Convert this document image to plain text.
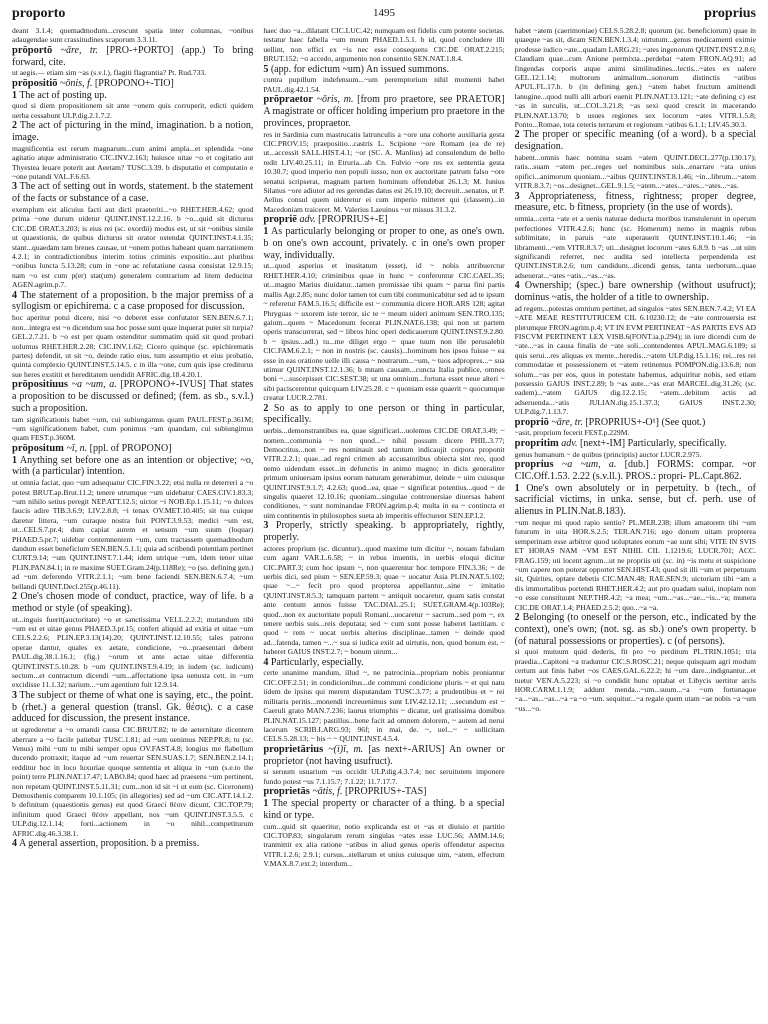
proporto	1495	proprius

deant 3.1.4; quemadmodum...crescunt spatia inter columnas, ~onibus adaugendae sunt crassitudines scaporum 3.3.11.

prōportō ~āre, tr. [PRO-+PORTO] (app.) To bring forward, cite.

ut aegis.— etiam sim ~as (s.v.l.), flagiti flagrantia? Pt. Rud.733.

prōpositiō ~ōnis, f. [PROPONO+-TIO]

1 The act of posting up.

quod si diem propositionem sit ante ~onem quis corruperit, edicti quidem uerba cessabunt ULP.dig.2.1.7.2.

2 The act of picturing in the mind, imagination. b a notion, image.

magnificentia est rerum magnarum...cum animi ampla...et splendida ~one agitatio atque administratio CIC.INV.2.163; huiusce uitae ~o et cogitatio aut Thyestea leuare poterit aut Aeetam? TUSC.3.39. b disputatio et computatio e ~one putandi VAL.F.6.63.

3 The act of setting out in words, statement. b the statement of the facts or substance of a case.

exemplum est alicuius facti aut dicti praeteriti...~o RHET.HER.4.62; quod prima ~one durum uidetur QUINT.INST.12.2.16. b ~o...quid sit dicturus CIC.DE ORAT.3.203; is eius rei (sc. exordii) modus est, ut sit ~onibus simile ut quaestionis, de quibus dicturus sit orator ostendat QUINT.INST.4.1.35; stant...quaedam tam breues causae, ut ~onem potius habeant quam narrationem 4.2.1; in contradictionibus interim totius criminis expositio...aut pluribus ~onibus luncta 5.13.28; cum in ~one ac refutatione causa consistat 12.9.15; nam ~o est cum p(er) stat(um) generalem contrarium ad litem deducitur AGEN.agrim.p.7.

4 The statement of a proposition. b the major premiss of a syllogism or epichirema. c a case proposed for discussion.

hoc aperitur potui dicere, nisi ~o deberet esse confutator SEN.BEN.6.7.1; non...integra est ~o dicendum sua hoc posse sunt quae inquerat puter sit turpia? GEL.2.7.21. b ~o est per quam ostenditur summatim quid sit quod probari uolumus RHET.HER.2.28; CIC.INV.1.62; Cicero quinque (sc. epichirematis partes) defendit, ut sit ~o, deinde ratio eius, tum assumptio et eius probatio, quinta complexio QUINT.INST.5.14.5. c in illa ~one, cum quis ipse crediturus sue heres exstitit et hereditatem uendidit AFRIC.dig.18.4.20.1.

prōpositiuus ~a ~um, a. [PROPONO+-IVUS] That states a proposition to be discussed or defined; (fem. as sb., s.v.l.) such a proposition.

tam significationis habet ~um, cui subiungamus quam PAUL.FEST.p.361M; ~um significationem habet, cum ponimus ~am quandam, cui subiungimus quam FEST.p.360M.

prōpositum ~ī, n. [ppl. of PROPONO]

1 Anything set before one as an intention or objective; ~o, with (a particular) intention.

ut omnia faciat, quo ~um adsequatur CIC.FIN.3.22; etsi nulla re deterreri a ~o potest BRUT.ap.Brut.11.2; tenere utrumque ~um uidebatur CAES.CIV.1.83.3; ~um nihilo setius peregit NEP.ATT.12.5; uictor ~i NOB.Ep.1.15.11; ~o dulces faucis adire TIB.3.6.9; LIV.2.8.8; ~i tenax OV.MET.10.405; sit tua cuique daretur littera, ~um curaque nostra fuit PONT.3.9.53; medici ~um est, ut...CELS.7.pr.4; dum capiat aurem et sensum ~um suum (loquar) PHAED.5.pr.7; uidebar contemnentem ~um, cum tractassem quemadmodum dandum esset beneficium SEN.BEN.5.1.1; quia ad scribendi potentiam pertinet CURT.9.14; ~um QUINT.INST.7.1.44; idem utrique ~um, idem tenor uitae PLIN.PAN.84.1; in re maxime SUET.Gram.24(p.118Re); ~o (so. defining gen.) ad ~um deferendo VITR.2.1.1; ~um bene faciendi SEN.BEN.6.7.4; ~um bellandi QUINT.Decl.255(p.46.11).

2 One's chosen mode of conduct, practice, way of life. b a method or style (of speaking).

ut...inguis fuerit(auctoritate) ~o et sanctissima VELL.2.2.2; mutandum tibi ~um est et uitae genus PHAED.3.pr.15; confert aliquid ad exitia et uitae ~um CELS.2.2.6; PLIN.EP.3.13(14).20; QUINT.INST.12.10.55; tales patrono operae dantur, quales ex aetate, condicione, ~o...praesentari debent PAUL.dig.38.1.16.1; (fig.) ~orum et ante actae uitae differentia QUINT.INST.5.10.28. b ~um QUINT.INST.9.4.19; in iudem (sc. iudicum) sectum...et contractum dicendi ~um...affectatione ipsa uenusta cett. in ~um excidisse 11.1.32; narium...~um agentium fuit 12.9.14.

3 The subject or theme of what one is saying, etc., the point. b (rhet.) a general question (transl. Gk. θέσις). c a case adduced for discussion, the present instance.

ut egrederetur a ~o omandi causa CIC.BRUT.82; te de aeternitate dicentem aberrare a ~o facile patiebar TUSC.1.81; ad ~um uenimus NEP.PR.8; tu (sc. Venus) mihi ~um tu mihi semper opus OV.FAST.4.8; longius me flabellum ducendo protraxit; itaque ad ~um reuertar SEN.SUAS.1.7; SEN.BEN.2.14.1; redditur hoc in loco luxuriae quoque sententia et aliqua in ~um (s.e.to the point) terre PLIN.NAT.17.47; LABO.84; quod haec ad praesens ~um pertinent, non repetam QUINT.INST.5.11.31; cum...non id sit ~i ut eum (sc. Ciceronem) Demosthenis comparem 10.1.105; (in allegories) sed ad ~um CIC.ATT.14.1.2. b definitum (quaestionis genus) est quod Graeci θέσιν dicunt, CIC.TOP.79; infinitum quod Graeci θέσιν appellant, nos ~um QUINT.INST.3.5.5. c ULP.dig.12.1.14; forti...actionem in ~o nihil...competiturum AFRIC.dig.46.3.38.1.

4 A general assertion, proposition. b a premiss.

haec duo ~a...dilatant CIC.LUC.42; numquam est fidelis cum potente societas. testatur haec fabella ~um meum PHAED.1.5.1. b id, quod concludere illi uellint, non effici ex ~is nec esse consequens CIC.DE ORAT.2.215; BRUT.152; ~o accedo, argumento non consentio SEN.NAT.1.8.4.

5 (app. for edictum ~um) An issued summons.

contra pupillum indefensum...~um peremptorium nihil momenti habet PAUL.dig.42.1.54.

prōpraetor ~ōris, m. [from pro praetore, see PRAETOR] A magistrate or officer holding imperium pro praetore in the provinces, propraetor.

res in Sardinia cum mastrucatis latrunculis a ~ore una cohorte auxiliaria gesta CIC.PROV.15; praepositio...castris L. Scipione ~ore Romam (ea de re) ut...accessit SALL.HIST.4.1; ~or (SC. A. Manlius) ad consulendum de bello redit LIV.40.25.11; in Etruria...ab Cn. Fulvio ~ore res ex sententia gesta 10.30.7; quod imperio non populi iusso, non ex auctoritate patrum falso ~ore senatui scripserat, magnam partem hominum offendebat 26.1.3; M. Iunius Silanus ~ore adiutor ad res gerendas datus est 26.19.10; decreuit...senatus, ut P. Aelius consul quem uideretur ei cum imperio mitteret qui (classem)...in Macedoniam traiceret. M. Valerius Laeuinus ~or missus 31.3.2.

propriē adv. [PROPRIUS+-E]

1 As particularly belonging or proper to one, as one's own. b on one's own account, privately. c in one's own proper way, individually.

ut...quod asperius et inusitatum (esset), id ~ nobis attribuerctur RHET.HER.4.10; criminibus quae in hunc ~ conferuntur CIC.CAEL.35; ut...magno Marius diuidatur...tamen promissae tibi quam ~ parua fini partis mallis Agr.2.85; nunc dolor tamen tot cum tibi communicabitur sed ad te ipsum ~ referetur FAM.5.16.5; difficile est ~ communia dicere HOR.ARS 128; agitat Phryguas ~ uxorem iste terror, sic te ~ meum uideri animum SEN.TRO.135; gaium...quem ~ Macedonum fecerat PLIN.NAT.6.138; qui non ut partem operis transcurrerat, sed ~ libros hinc operi dedicauerunt QUINT.INST.9.2.80. b ~ ipsius...adl.) tu...me diliget ergo ~ quae tuum non ille perusalebit CIC.FAM.6.2.1; ~ non in nostris (sc. causis)...hominum hos ipsos fuisse ~ ea esse in eas oratione uelle illi causa ~ nostrarum...~um, ~ tuos adpropres...~ sua utimur QUINT.INST.12.1.36; b mnam causam...cuncta Italia publice, omnes boni ~...suscepisset CIC.SEST.38; ut una omnium...fortuna esset neue alteri ~ sibi paciscerentur quicquam LIV.25.28. c ~ quoniam esse quaerit ~ quocumque creatur LUCR.2.781.

2 So as to apply to one person or thing in particular, specifically.

uerbis...demonstrantibus ea, quae significari...uolemus CIC.DE ORAT.3.49; ~ nomen...communia ~ non quod...~ nihil possum dicere PHIL.3.77; Democritus...non ~ res nominauit sed tantum indicaujit corpora proponit VITR.2.2.1; quae...ad regni crimen ab accusatoribus obiecta sint reo, quod nemo uidendum esset...in defunctis in animo magno; in dicis generaliter primum uniuersam ipsius eorum naturam generabimur, deinde ~ uim cuiusque QUINT.INST.9.1.7; 4.2.63; quod...ea, quae ~ significat potentius...quod ~ de singulis quaeret 12.10.16; quoniam...singulae controuersiae diuersas habent conditiones, ~ sunt nominandae FRON.agrim.p.4; multa in ea ~ contincta et uim continentis in philosophos sueta ab imperitis effecturent SEN.EP.I.2.

3 Properly, strictly speaking. b appropriately, rightly, properly.

actores proprium (sc. dicuntur)...quod maxime tum dicitur ~, nouam fabulam cum agant VAR.L.6.58; ~ in rebus inuentis, in uerbis eloqui dicitur CIC.PART.3; cum hoc ipsum ~, non quaerentur hoc tempore FIN.3.36; ~ de uerbis dici, sed pium ~ SEN.EP.59.3; quae ~ uocatur Asia PLIN.NAT.5.102; quae ~...~ fecit pro quod propterea appellantur...sine ~ imitatio QUINT.INST.8.5.3; tamquam partem ~ antiquit uocaretur, quam satis constat ante centum annos fuisse TAC.DIAL.25.1; SUET.GRAM.4(p.103Re); quod...non ex auctoritate populi Romani...uocaretur ~ sacrum...sed pom ~, ex tenere uerbis suis...reis deputata; sed ~ cum sunt posse haberet laetitiam. c quod ~ rem ~ uocat uerbis alterius disciplinae...tamen ~ deinde quod ad...fatenda, tamen ~...~ sua si iudica exiit ad uirtutis, non, quod bonum est, ~ haberet GAIUS INST.2.7; ~ bonum uirum...

4 Particularly, especially.

certe unanime mandum, illud ~, ne patrocinia...propriam nobis proniantur CIC.OFF.2.51; in condicionibus...de communi condicione pluris ~ et qui natu iidem de ipsius qui merent disputandam TUSC.3.77; a prudentibus et ~ rei militaris peritis...monendi increuenimus sunt LIV.42.12.11; ...secundum est ~ Caeruli grato MAN.7.236; laurus triumphis ~ dicatur, uel gratissima domibus PLIN.NAT.15.127; pastillus...bene facit ad omnem dolorem, ~ autem ad nerui lacerum SCRIB.LARG.93; 96f; in mai, de. ~, uel...~ ~ sollicitam CELS.5.28.13; ~ bis ~ ~ QUINT.INST.4.5.4.

proprietārius ~(i)ī, m. [as next+-ARIUS] An owner or proprietor (not having usufruct).

si seruum usuarium ~us occidit ULP.dig.4.3.7.4; nec seruitutem imponere fundo potest ~us 7.1.15.7; 7.1.22; 11.7.17.7.

proprietās ~ātis, f. [PROPRIUS+-TAS]

1 The special property or character of a thing. b a special kind or type.

cum...quid sit quaeritur, notio explicanda est et ~as et diuisio et partitio CIC.TOP.83; singularum rerum singulas ~ates esse LUC.56; AMM.14.6; tranmittit ex alia ratione ~atibus in aliud genus operis offendetur aspectus VITR.1.2.6; 2.9.1; cursus...stellarum et unius cuiusque uim, ~atem, effectum V.MAX.8.7.ext.2; interdum...

habet ~atem (caerimoniae) CELS.5.28.2.8; quorum (sc. beneficiorum) quae in quaeque ~as sit, dicam SEN.BEN.1.3.4; uirtutum...genus medicamenti eximie prodesse iudico ~ate...quadam LARG.21; ~ates ingenorum QUINT.INST.2.8.6; Claudiam quae...cum Anione permixta...perdebat ~atem FRON.AQ.91; ad fingendas corporis atque animi similitudines...lectis...~ates ex ualere GEL.12.1.14; multorum animalium...sonorum distinctis ~atibus APUL.FL.17.b. b (in defining gen.) ~atem habet fructum amittendi lanugine...quod nulli alli arbori euenit PLIN.NAT.13.121; ~ate defining c) est ~as in surculis, ut...COL.3.21.8; ~as sexi quod crescit in macerando PLIN.NAT.13.70; b usues regiones sex locorum ~ates VITR.1.5.8; Ponto...Romae, tota ceteris terrarum et regionum ~atibus 6.1.1; LIV.45.30.3.

2 The proper or specific meaning (of a word). b a special designation.

habent...omnis haec nomina suam ~atem QUINT.DECL.277(p.130.17); ratis...suam ~atem per...reges uel nominibus suis...enarrare ~ata unius opifici...animorum quoniam...~aibus QUINT.INST.8.1.46; ~in...librum...~atem VITR.8.3.7; ~os...designet...GEL.9.1.5; ~atem...~ates...~ates...~ates...~as.

3 Appropriateness, fitness, rightness; proper degree, measure, etc. b fitness, propriety (in the use of words).

omnia...certa ~ate et a uenis naturae deducta moribus transtulerunt in operum perfectiones VITR.4.2.6; hunc (sc. Homerum) nemo in magnis rebus sublimitate, in paruis ~ate superauerit QUINT.INST.10.1.46; ~in libramenti...~em VITR.8.3.7; uti...designet locorum ~ates 6.8.9. b ~as ...ut uim significandi referret, nec audita sed intellecta perpendenda est QUINT.INST.8.2.6; tum candidum...dicendi genus, tanta uerborum...quae adseuerat...~ates ~atis...~as...~as.

4 Ownership; (spec.) bare ownership (without usufruct); dominus ~atis, the holder of a title to ownership.

ad regem...potestas omnium pertinet, ad singulos ~ates SEN.BEN.7.4.2; VI EA ~ATE MEAE RESTITUTRICEM CIL 6.10230.12; de ~ate controuersia est plerumque FRON.agrim.p.4; VT IN EVM PERTINEAT ~AS PARTIS EVS AD FISCVM PERTINENT LEX VISB.6(FONT.ia.p.294); in iure dicendi cum de ~ate...~as in causa finalis de ~ate soli...contendentes APUL.MAG.6.189; si quis serui...res aliquas ex mente...heredis...~atem ULP.dig.15.1.16; rei...res rei commodatae et possessionem et ~atem retinemus POMPON.dig.13.6.8; non solum...~as per eos, quos in potestate habemus, adquiritur nobis, sed etiam possessio GAIUS INST.2.89; b ~as aute...~as erat MARCEL.dig.31.26; (sc. eadem)...~atem GAIUS dig.12.2.15; ~atem...debitum actis ad adseruenda...~atis JULIAN.dig.15.1.37.3; GAIUS INST.2.30; ULP.dig.7.1.13.7.

propriō ~āre, tr. [PROPRIUS+-O¹] (See quot.)

~asit, proprium fecerit FEST.p.229M.

propritim adv. [next+-IM] Particularly, specifically.

genus humanum ~ de quibus (principiis) auctor LUCR.2.975.

proprius ~a ~um, a. [dub.] FORMS: compar. ~or CIC.Off.1.53. 2.22 (s.v.ll.). PROS.: propri- PL.Capt.862.

1 One's own absolutely or in perpetuity. b (tech., of sacrificial victims, in unka. sense, but cf. perh. use of alienus in PLIN.Nat.8.183).

~um neque mi quod rapio sentio? PL.MER.238; illum amatorem tibi ~um futurum in uita HOR.S.2.5; TER.AN.716; ego donum uitam propterea semperinam esse arbitror quod uoluptates eorum ~ae sunt sibi; VITE IN SVIS ET HORAS NAM ~VM EST NIHIL CIL 1.1219.6; LUCR.701; ACC. FRAG.159; uti locent agrum...ut ne propriis uti (sc. in) ~is metu et suspicione ~um capere non poterat opportet SEN.HIST.43; quod sit illi ~um et perpetuum sit, Quirites, optare debetis CIC.MAN.48; RAE.SEN.9; uictoriam tibi ~am a dis immortalibus portendi RHET.HER.4.2; aut pro quadam ualui, inopiam non ~o esse constituunt NEP.THR.4.2; ~a mea; ~um...~as...~ae...~is...~a; munera CIC.DE ORAT.1.4; PHAED.2.5.2; quo...~a ~a.

2 Belonging (to oneself or the person, etc., indicated by the context), one's own; (not. sg. as sb.) one's own property. b (of natural possessions or properties). c (of persons).

si quoi mutuum quid dederis, fit pro ~o perditum PL.TRIN.1051; tria praedia...Capitoni ~a traduntur CIC.S.ROSC.21; neque quisquam agri modum certum aut finis habet ~os CAES.GAL.6.22.2; hi ~um dare...indignantur...et tuetur VEN.A.5.223; si ~o condidit hunc optabat et Libycis uertitur arcis HOR.CARM.1.1.9; addunt menda...~um...suum...~a ~um fortunaque ~a...~as...~as...~a ~a ~o ~um. sequitur...~a regale quem utam ~ae nobis ~a ~um ~us...~o.
